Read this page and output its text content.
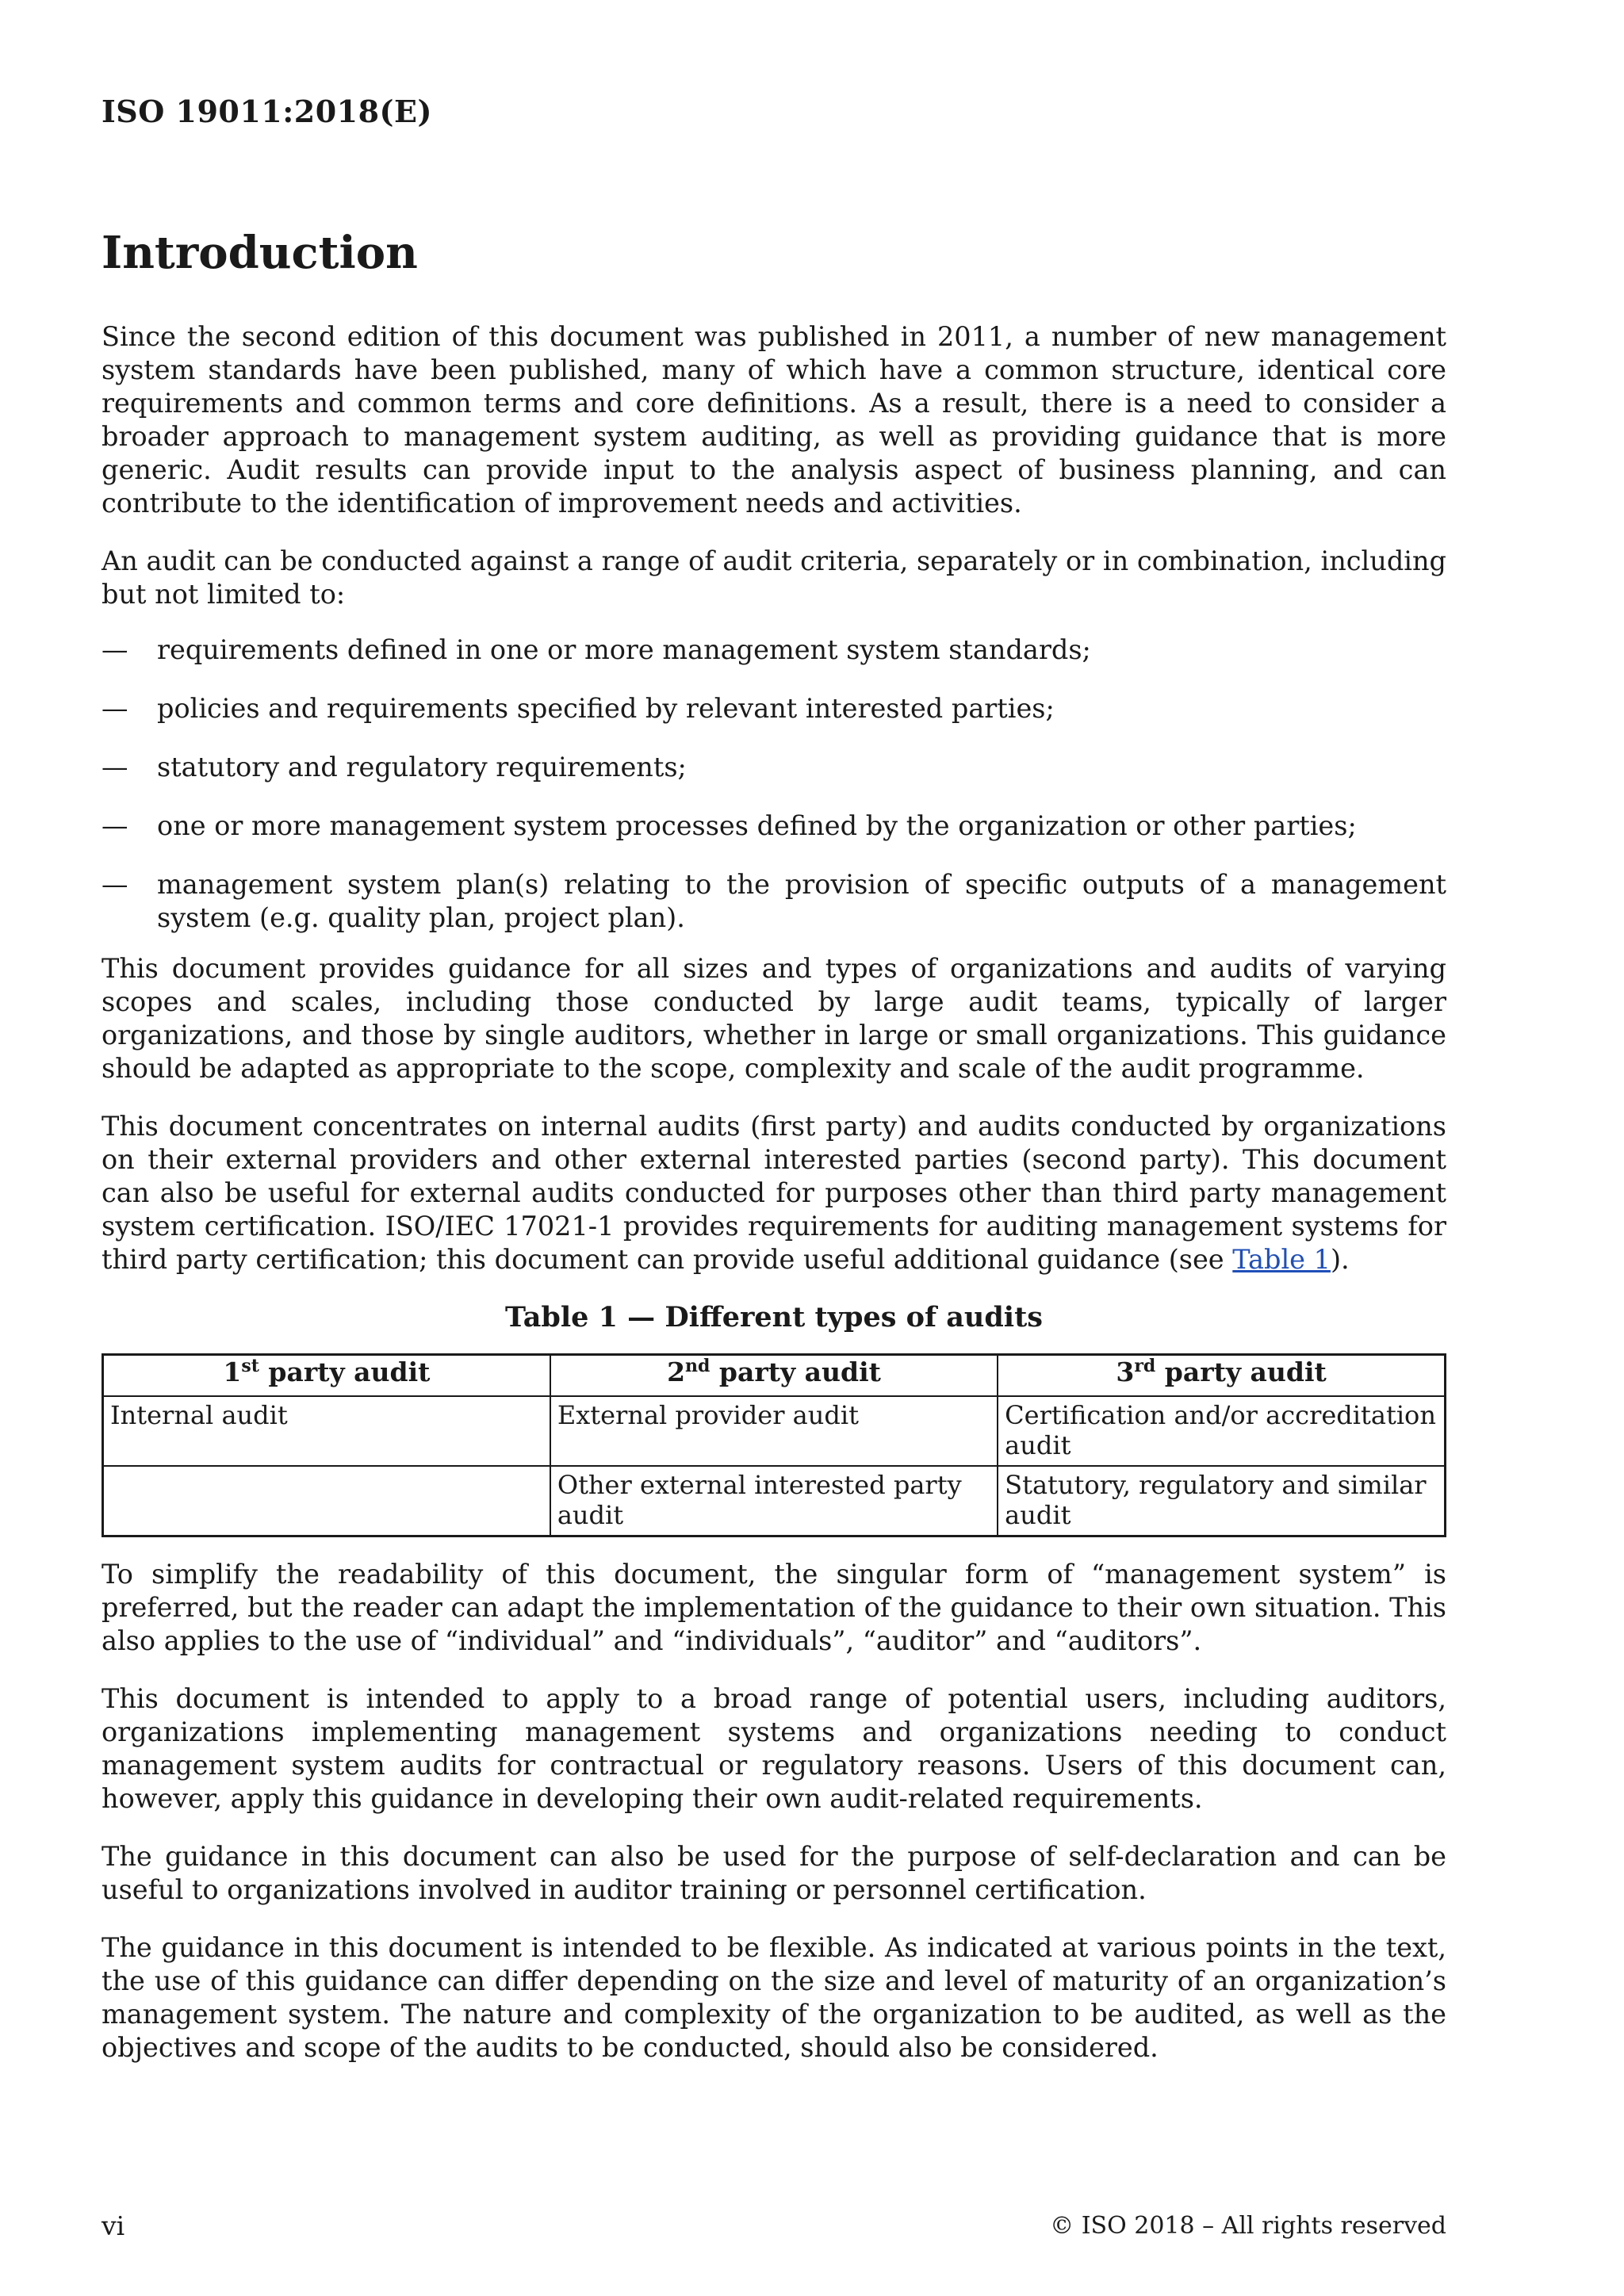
ISO 19011:2018(E)
Introduction

Since the second edition of this document was published in 2011, a number of new management system standards have been published, many of which have a common structure, identical core requirements and common terms and core definitions. As a result, there is a need to consider a broader approach to management system auditing, as well as providing guidance that is more generic. Audit results can provide input to the analysis aspect of business planning, and can contribute to the identification of improvement needs and activities.

An audit can be conducted against a range of audit criteria, separately or in combination, including but not limited to:

— requirements defined in one or more management system standards;
— policies and requirements specified by relevant interested parties;
— statutory and regulatory requirements;
— one or more management system processes defined by the organization or other parties;
— management system plan(s) relating to the provision of specific outputs of a management system (e.g. quality plan, project plan).

This document provides guidance for all sizes and types of organizations and audits of varying scopes and scales, including those conducted by large audit teams, typically of larger organizations, and those by single auditors, whether in large or small organizations. This guidance should be adapted as appropriate to the scope, complexity and scale of the audit programme.

This document concentrates on internal audits (first party) and audits conducted by organizations on their external providers and other external interested parties (second party). This document can also be useful for external audits conducted for purposes other than third party management system certification. ISO/IEC 17021-1 provides requirements for auditing management systems for third party certification; this document can provide useful additional guidance (see Table 1).

Table 1 — Different types of audits
1st party audit	2nd party audit	3rd party audit
Internal audit	External provider audit	Certification and/or accreditation audit
	Other external interested party audit	Statutory, regulatory and similar audit

To simplify the readability of this document, the singular form of “management system” is preferred, but the reader can adapt the implementation of the guidance to their own situation. This also applies to the use of “individual” and “individuals”, “auditor” and “auditors”.

This document is intended to apply to a broad range of potential users, including auditors, organizations implementing management systems and organizations needing to conduct management system audits for contractual or regulatory reasons. Users of this document can, however, apply this guidance in developing their own audit-related requirements.

The guidance in this document can also be used for the purpose of self-declaration and can be useful to organizations involved in auditor training or personnel certification.

The guidance in this document is intended to be flexible. As indicated at various points in the text, the use of this guidance can differ depending on the size and level of maturity of an organization’s management system. The nature and complexity of the organization to be audited, as well as the objectives and scope of the audits to be conducted, should also be considered.

vi	© ISO 2018 – All rights reserved
